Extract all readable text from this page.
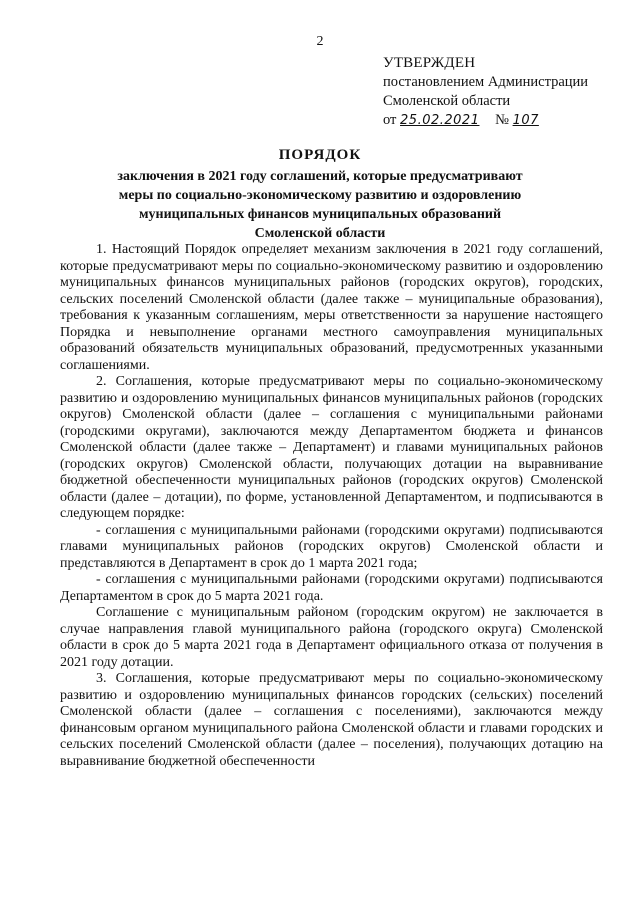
2
УТВЕРЖДЕН
постановлением Администрации
Смоленской области
от 25.02.2021 № 107
ПОРЯДОК
заключения в 2021 году соглашений, которые предусматривают меры по социально-экономическому развитию и оздоровлению муниципальных финансов муниципальных образований Смоленской области

1. Настоящий Порядок определяет механизм заключения в 2021 году соглашений, которые предусматривают меры по социально-экономическому развитию и оздоровлению муниципальных финансов муниципальных районов (городских округов), городских, сельских поселений Смоленской области (далее также – муниципальные образования), требования к указанным соглашениям, меры ответственности за нарушение настоящего Порядка и невыполнение органами местного самоуправления муниципальных образований обязательств муниципальных образований, предусмотренных указанными соглашениями.

2. Соглашения, которые предусматривают меры по социально-экономическому развитию и оздоровлению муниципальных финансов муниципальных районов (городских округов) Смоленской области (далее – соглашения с муниципальными районами (городскими округами), заключаются между Департаментом бюджета и финансов Смоленской области (далее также – Департамент) и главами муниципальных районов (городских округов) Смоленской области, получающих дотации на выравнивание бюджетной обеспеченности муниципальных районов (городских округов) Смоленской области (далее – дотации), по форме, установленной Департаментом, и подписываются в следующем порядке:

- соглашения с муниципальными районами (городскими округами) подписываются главами муниципальных районов (городских округов) Смоленской области и представляются в Департамент в срок до 1 марта 2021 года;

- соглашения с муниципальными районами (городскими округами) подписываются Департаментом в срок до 5 марта 2021 года.

Соглашение с муниципальным районом (городским округом) не заключается в случае направления главой муниципального района (городского округа) Смоленской области в срок до 5 марта 2021 года в Департамент официального отказа от получения в 2021 году дотации.

3. Соглашения, которые предусматривают меры по социально-экономическому развитию и оздоровлению муниципальных финансов городских (сельских) поселений Смоленской области (далее – соглашения с поселениями), заключаются между финансовым органом муниципального района Смоленской области и главами городских и сельских поселений Смоленской области (далее – поселения), получающих дотацию на выравнивание бюджетной обеспеченности
